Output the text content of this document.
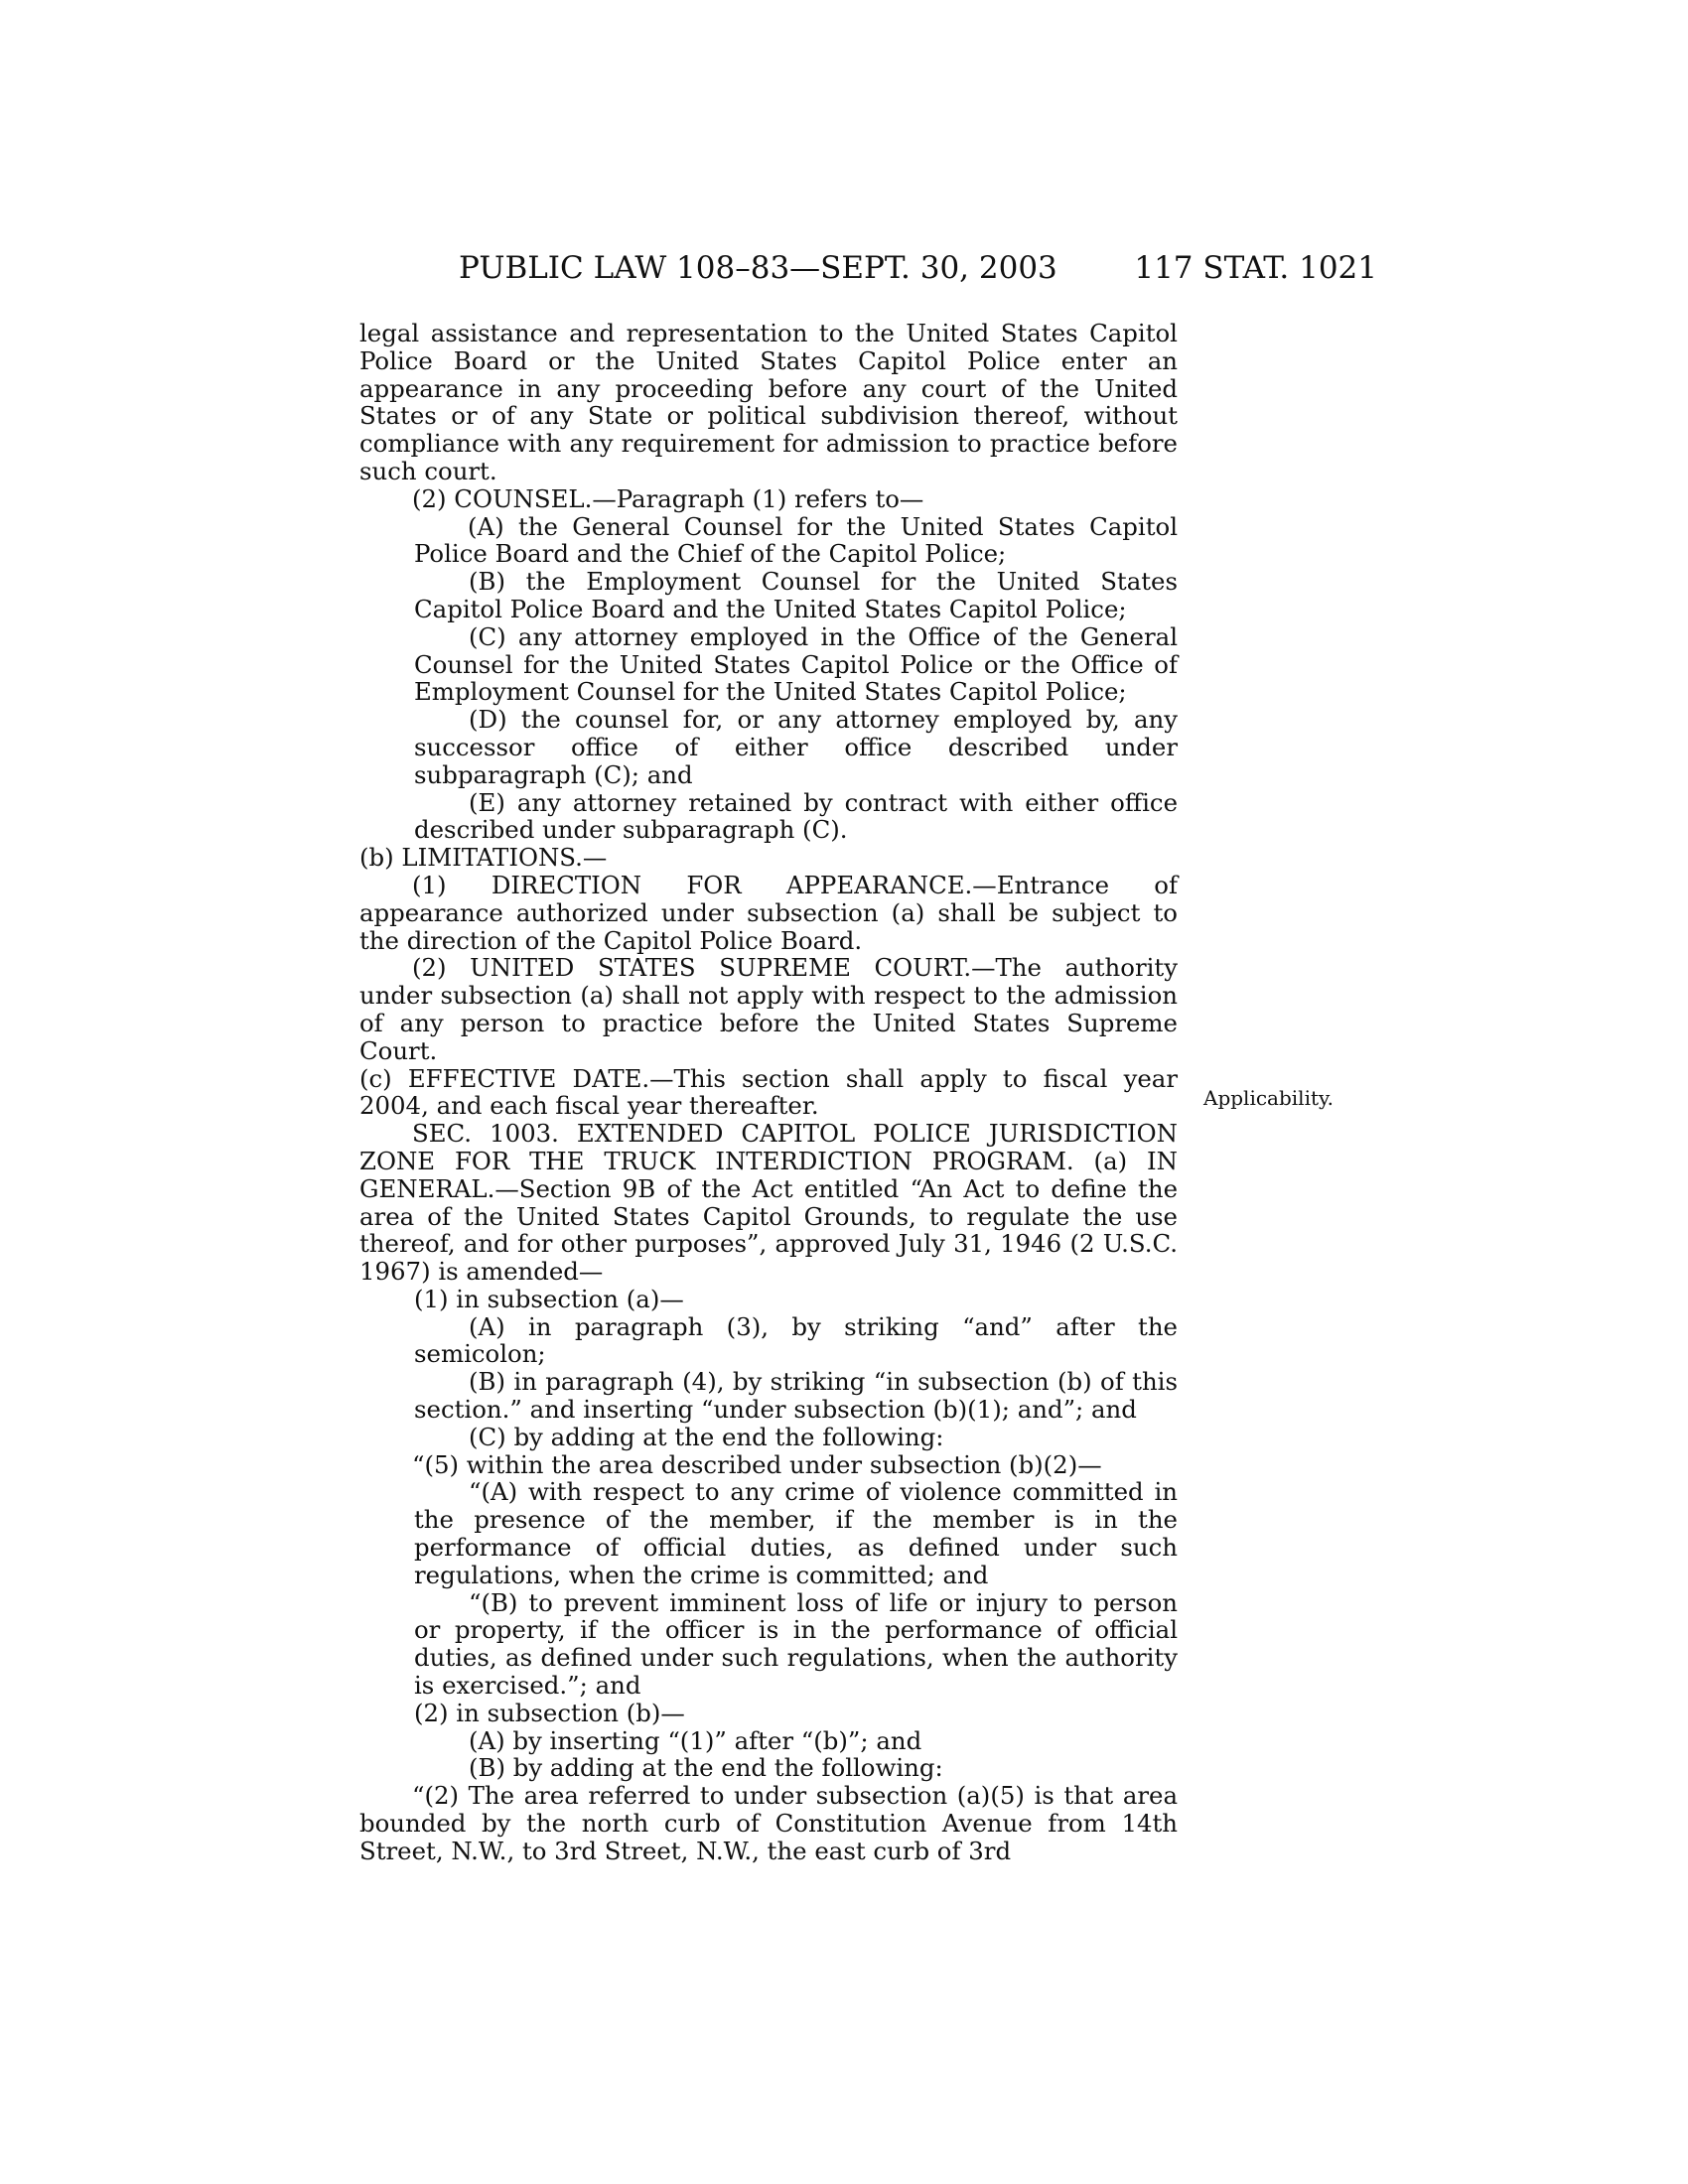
PUBLIC LAW 108–83—SEPT. 30, 2003	117 STAT. 1021
Applicability.

legal assistance and representation to the United States Capitol Police Board or the United States Capitol Police enter an appearance in any proceeding before any court of the United States or of any State or political subdivision thereof, without compliance with any requirement for admission to practice before such court.

(2) COUNSEL.—Paragraph (1) refers to—

(A) the General Counsel for the United States Capitol Police Board and the Chief of the Capitol Police;

(B) the Employment Counsel for the United States Capitol Police Board and the United States Capitol Police;

(C) any attorney employed in the Office of the General Counsel for the United States Capitol Police or the Office of Employment Counsel for the United States Capitol Police;

(D) the counsel for, or any attorney employed by, any successor office of either office described under subparagraph (C); and

(E) any attorney retained by contract with either office described under subparagraph (C).

(b) LIMITATIONS.—

(1) DIRECTION FOR APPEARANCE.—Entrance of appearance authorized under subsection (a) shall be subject to the direction of the Capitol Police Board.

(2) UNITED STATES SUPREME COURT.—The authority under subsection (a) shall not apply with respect to the admission of any person to practice before the United States Supreme Court.

(c) EFFECTIVE DATE.—This section shall apply to fiscal year 2004, and each fiscal year thereafter.

SEC. 1003. EXTENDED CAPITOL POLICE JURISDICTION ZONE FOR THE TRUCK INTERDICTION PROGRAM. (a) IN GENERAL.—Section 9B of the Act entitled “An Act to define the area of the United States Capitol Grounds, to regulate the use thereof, and for other purposes”, approved July 31, 1946 (2 U.S.C. 1967) is amended—

(1) in subsection (a)—

(A) in paragraph (3), by striking “and” after the semicolon;

(B) in paragraph (4), by striking “in subsection (b) of this section.” and inserting “under subsection (b)(1); and”; and

(C) by adding at the end the following:

“(5) within the area described under subsection (b)(2)—

“(A) with respect to any crime of violence committed in the presence of the member, if the member is in the performance of official duties, as defined under such regulations, when the crime is committed; and

“(B) to prevent imminent loss of life or injury to person or property, if the officer is in the performance of official duties, as defined under such regulations, when the authority is exercised.”; and

(2) in subsection (b)—

(A) by inserting “(1)” after “(b)”; and

(B) by adding at the end the following:

“(2) The area referred to under subsection (a)(5) is that area bounded by the north curb of Constitution Avenue from 14th Street, N.W., to 3rd Street, N.W., the east curb of 3rd
